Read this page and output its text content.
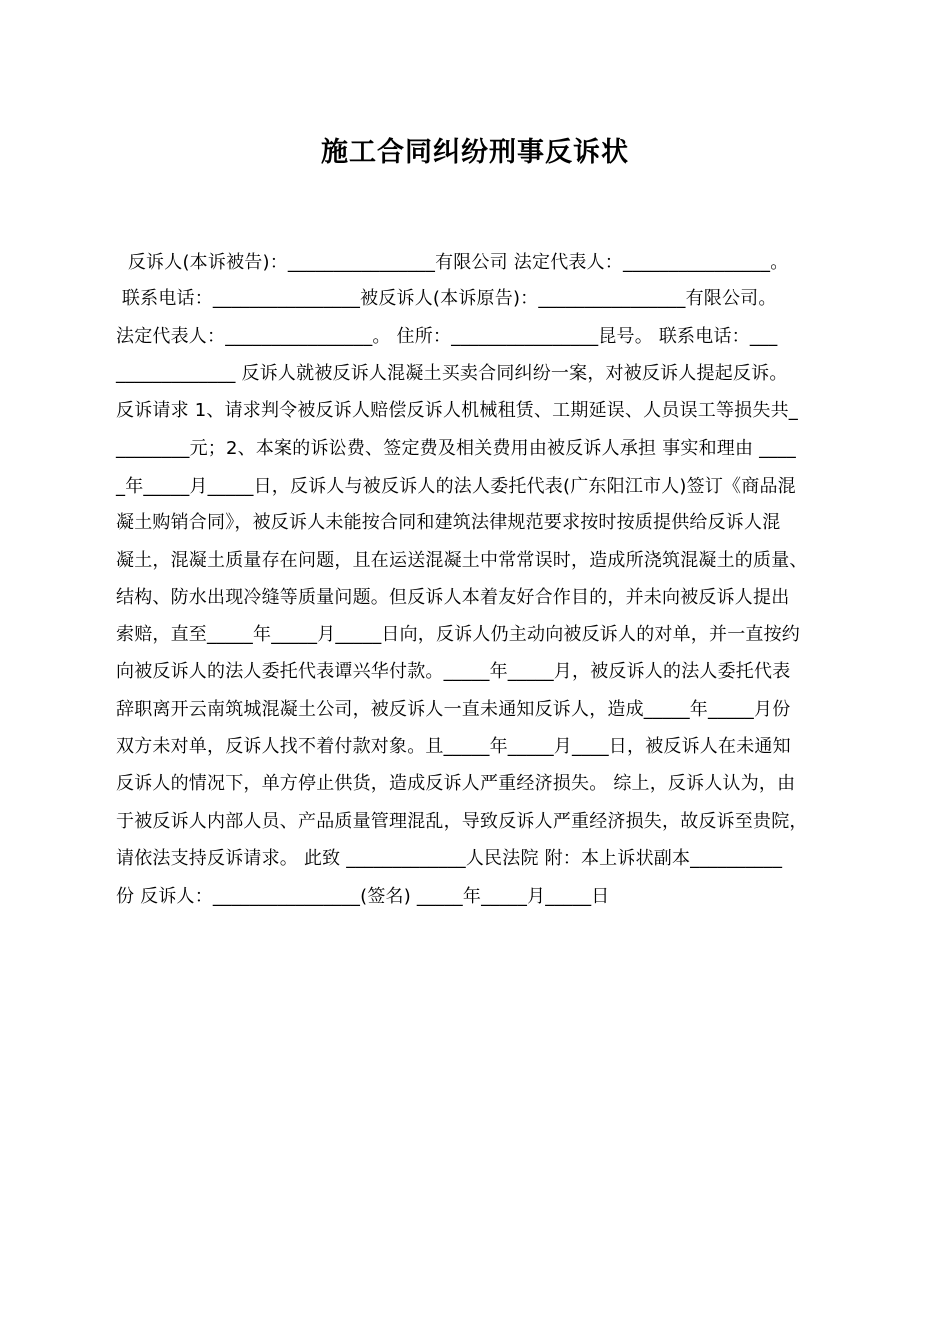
施工合同纠纷刑事反诉状
反诉人(本诉被告)：________________有限公司 法定代表人：________________。
联系电话：________________被反诉人(本诉原告)：________________有限公司。
法定代表人：________________。 住所：________________昆号。 联系电话：___
_____________ 反诉人就被反诉人混凝土买卖合同纠纷一案，对被反诉人提起反诉。
反诉请求 1、请求判令被反诉人赔偿反诉人机械租赁、工期延误、人员误工等损失共_
________元；2、本案的诉讼费、签定费及相关费用由被反诉人承担 事实和理由 ____
_年_____月_____日，反诉人与被反诉人的法人委托代表(广东阳江市人)签订《商品混
凝土购销合同》，被反诉人未能按合同和建筑法律规范要求按时按质提供给反诉人混
凝土，混凝土质量存在问题，且在运送混凝土中常常误时，造成所浇筑混凝土的质量、
结构、防水出现冷缝等质量问题。但反诉人本着友好合作目的，并未向被反诉人提出
索赔，直至_____年_____月_____日向，反诉人仍主动向被反诉人的对单，并一直按约
向被反诉人的法人委托代表谭兴华付款。_____年_____月，被反诉人的法人委托代表
辞职离开云南筑城混凝土公司，被反诉人一直未通知反诉人，造成_____年_____月份
双方未对单，反诉人找不着付款对象。且_____年_____月____日，被反诉人在未通知
反诉人的情况下，单方停止供货，造成反诉人严重经济损失。 综上，反诉人认为，由
于被反诉人内部人员、产品质量管理混乱，导致反诉人严重经济损失，故反诉至贵院，
请依法支持反诉请求。 此致 _____________人民法院 附：本上诉状副本__________
份 反诉人：________________(签名) _____年_____月_____日
